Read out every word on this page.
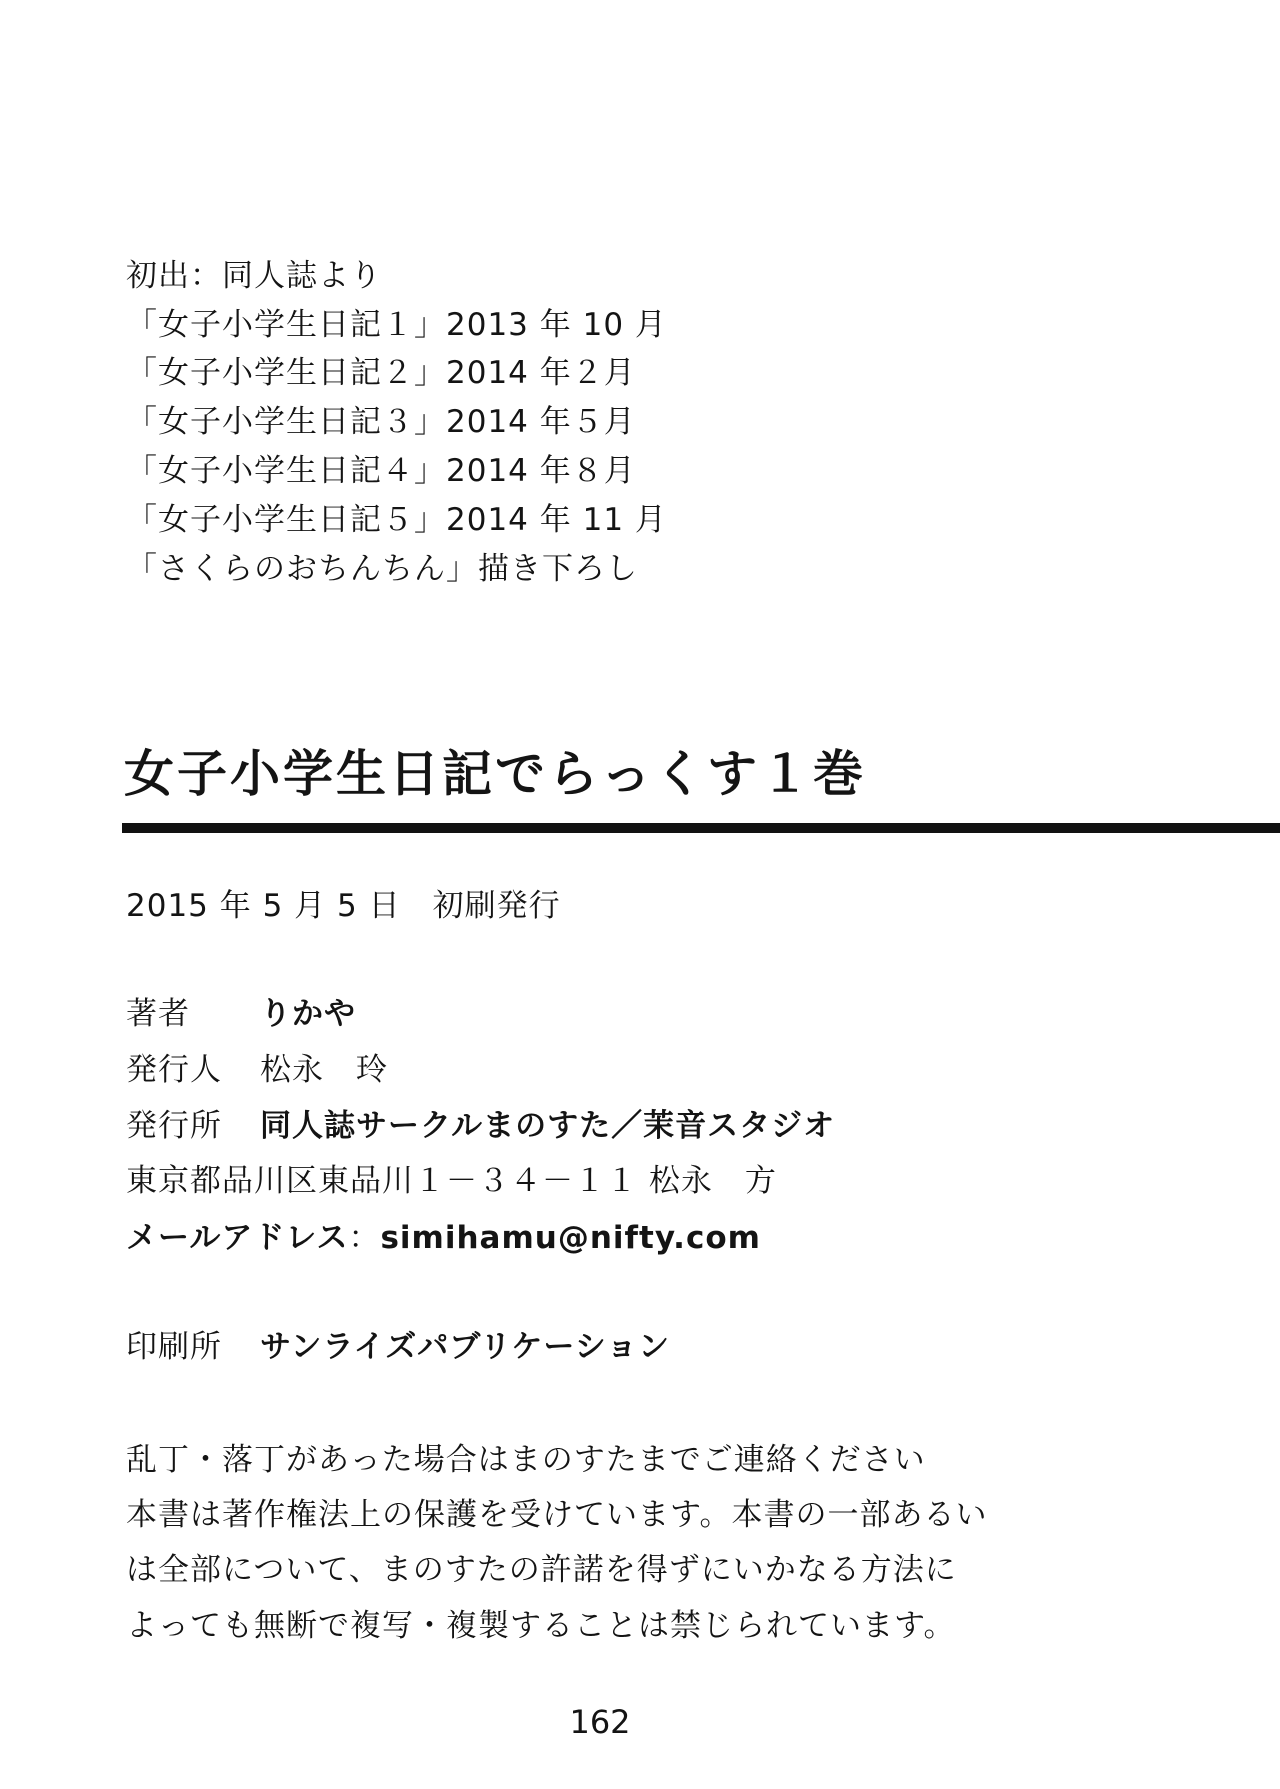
初出：同人誌より
「女子小学生日記１」2013 年 10 月
「女子小学生日記２」2014 年２月
「女子小学生日記３」2014 年５月
「女子小学生日記４」2014 年８月
「女子小学生日記５」2014 年 11 月
「さくらのおちんちん」描き下ろし
女子小学生日記でらっくす１巻
2015 年 5 月 5 日　初刷発行
著者 りかや
発行人 松永　玲
発行所 同人誌サークルまのすた／茉音スタジオ
東京都品川区東品川１－３４－１１ 松永　方
メールアドレス：simihamu@nifty.com
印刷所 サンライズパブリケーション
乱丁・落丁があった場合はまのすたまでご連絡ください
本書は著作権法上の保護を受けています。本書の一部あるい
は全部について、まのすたの許諾を得ずにいかなる方法に
よっても無断で複写・複製することは禁じられています。
162
